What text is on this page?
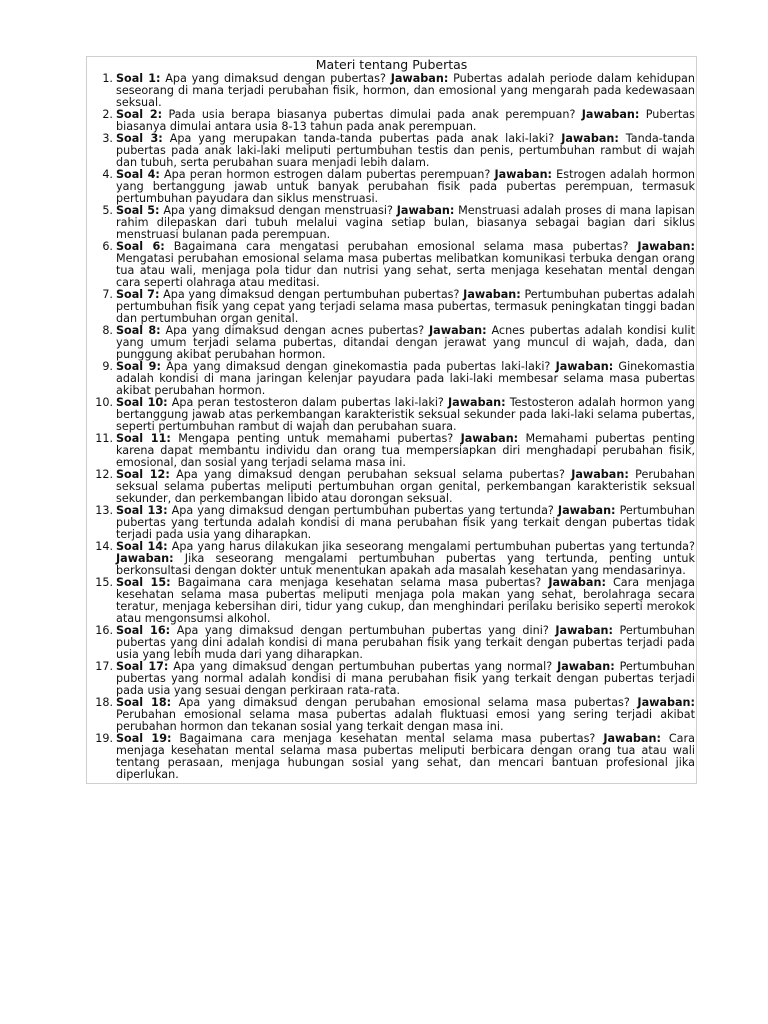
Materi tentang Pubertas
1. Soal 1: Apa yang dimaksud dengan pubertas? Jawaban: Pubertas adalah periode dalam kehidupan seseorang di mana terjadi perubahan fisik, hormon, dan emosional yang mengarah pada kedewasaan seksual.
2. Soal 2: Pada usia berapa biasanya pubertas dimulai pada anak perempuan? Jawaban: Pubertas biasanya dimulai antara usia 8-13 tahun pada anak perempuan.
3. Soal 3: Apa yang merupakan tanda-tanda pubertas pada anak laki-laki? Jawaban: Tanda-tanda pubertas pada anak laki-laki meliputi pertumbuhan testis dan penis, pertumbuhan rambut di wajah dan tubuh, serta perubahan suara menjadi lebih dalam.
4. Soal 4: Apa peran hormon estrogen dalam pubertas perempuan? Jawaban: Estrogen adalah hormon yang bertanggung jawab untuk banyak perubahan fisik pada pubertas perempuan, termasuk pertumbuhan payudara dan siklus menstruasi.
5. Soal 5: Apa yang dimaksud dengan menstruasi? Jawaban: Menstruasi adalah proses di mana lapisan rahim dilepaskan dari tubuh melalui vagina setiap bulan, biasanya sebagai bagian dari siklus menstruasi bulanan pada perempuan.
6. Soal 6: Bagaimana cara mengatasi perubahan emosional selama masa pubertas? Jawaban: Mengatasi perubahan emosional selama masa pubertas melibatkan komunikasi terbuka dengan orang tua atau wali, menjaga pola tidur dan nutrisi yang sehat, serta menjaga kesehatan mental dengan cara seperti olahraga atau meditasi.
7. Soal 7: Apa yang dimaksud dengan pertumbuhan pubertas? Jawaban: Pertumbuhan pubertas adalah pertumbuhan fisik yang cepat yang terjadi selama masa pubertas, termasuk peningkatan tinggi badan dan pertumbuhan organ genital.
8. Soal 8: Apa yang dimaksud dengan acnes pubertas? Jawaban: Acnes pubertas adalah kondisi kulit yang umum terjadi selama pubertas, ditandai dengan jerawat yang muncul di wajah, dada, dan punggung akibat perubahan hormon.
9. Soal 9: Apa yang dimaksud dengan ginekomastia pada pubertas laki-laki? Jawaban: Ginekomastia adalah kondisi di mana jaringan kelenjar payudara pada laki-laki membesar selama masa pubertas akibat perubahan hormon.
10. Soal 10: Apa peran testosteron dalam pubertas laki-laki? Jawaban: Testosteron adalah hormon yang bertanggung jawab atas perkembangan karakteristik seksual sekunder pada laki-laki selama pubertas, seperti pertumbuhan rambut di wajah dan perubahan suara.
11. Soal 11: Mengapa penting untuk memahami pubertas? Jawaban: Memahami pubertas penting karena dapat membantu individu dan orang tua mempersiapkan diri menghadapi perubahan fisik, emosional, dan sosial yang terjadi selama masa ini.
12. Soal 12: Apa yang dimaksud dengan perubahan seksual selama pubertas? Jawaban: Perubahan seksual selama pubertas meliputi pertumbuhan organ genital, perkembangan karakteristik seksual sekunder, dan perkembangan libido atau dorongan seksual.
13. Soal 13: Apa yang dimaksud dengan pertumbuhan pubertas yang tertunda? Jawaban: Pertumbuhan pubertas yang tertunda adalah kondisi di mana perubahan fisik yang terkait dengan pubertas tidak terjadi pada usia yang diharapkan.
14. Soal 14: Apa yang harus dilakukan jika seseorang mengalami pertumbuhan pubertas yang tertunda? Jawaban: Jika seseorang mengalami pertumbuhan pubertas yang tertunda, penting untuk berkonsultasi dengan dokter untuk menentukan apakah ada masalah kesehatan yang mendasarinya.
15. Soal 15: Bagaimana cara menjaga kesehatan selama masa pubertas? Jawaban: Cara menjaga kesehatan selama masa pubertas meliputi menjaga pola makan yang sehat, berolahraga secara teratur, menjaga kebersihan diri, tidur yang cukup, dan menghindari perilaku berisiko seperti merokok atau mengonsumsi alkohol.
16. Soal 16: Apa yang dimaksud dengan pertumbuhan pubertas yang dini? Jawaban: Pertumbuhan pubertas yang dini adalah kondisi di mana perubahan fisik yang terkait dengan pubertas terjadi pada usia yang lebih muda dari yang diharapkan.
17. Soal 17: Apa yang dimaksud dengan pertumbuhan pubertas yang normal? Jawaban: Pertumbuhan pubertas yang normal adalah kondisi di mana perubahan fisik yang terkait dengan pubertas terjadi pada usia yang sesuai dengan perkiraan rata-rata.
18. Soal 18: Apa yang dimaksud dengan perubahan emosional selama masa pubertas? Jawaban: Perubahan emosional selama masa pubertas adalah fluktuasi emosi yang sering terjadi akibat perubahan hormon dan tekanan sosial yang terkait dengan masa ini.
19. Soal 19: Bagaimana cara menjaga kesehatan mental selama masa pubertas? Jawaban: Cara menjaga kesehatan mental selama masa pubertas meliputi berbicara dengan orang tua atau wali tentang perasaan, menjaga hubungan sosial yang sehat, dan mencari bantuan profesional jika diperlukan.
